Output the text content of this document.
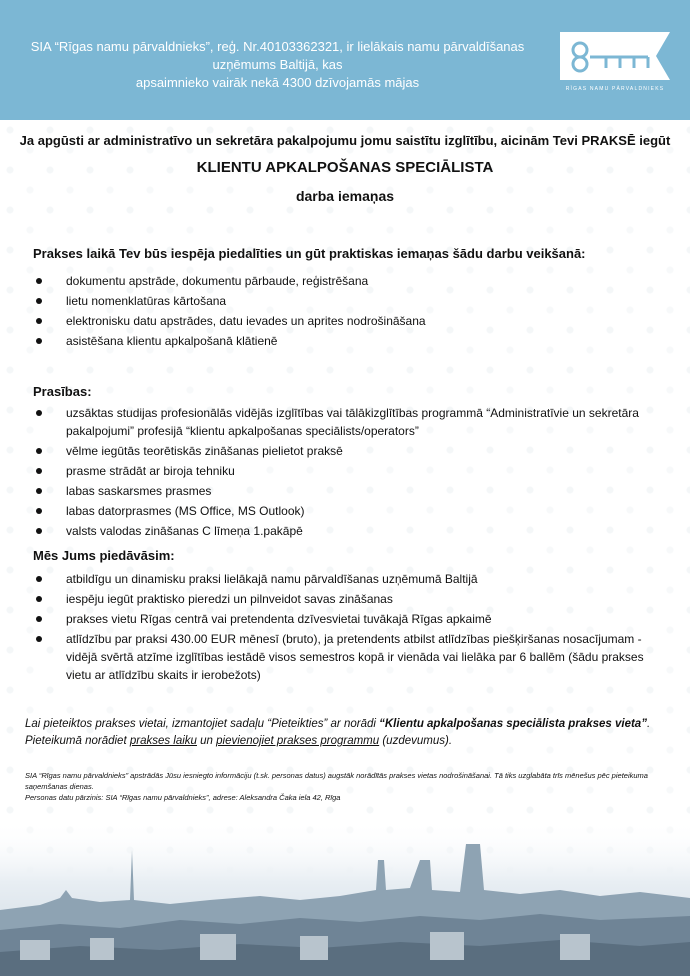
SIA “Rīgas namu pārvaldnieks”, reģ. Nr.40103362321, ir lielākais namu pārvaldīšanas uzņēmums Baltijā, kas
apsaimnieko vairāk nekā 4300 dzīvojamās mājas	RĪGAS NAMU PĀRVALDNIEKS

Ja apgūsti ar administratīvo un sekretāra pakalpojumu jomu saistītu izglītību, aicinām Tevi PRAKSĒ iegūt

KLIENTU APKALPOŠANAS SPECIĀLISTA
darba iemaņas

Prakses laikā Tev būs iespēja piedalīties un gūt praktiskas iemaņas šādu darbu veikšanā:

dokumentu apstrāde, dokumentu pārbaude, reģistrēšana
lietu nomenklatūras kārtošana
elektronisku datu apstrādes, datu ievades un aprites nodrošināšana
asistēšana klientu apkalpošanā klātienē

Prasības:

uzsāktas studijas profesionālās vidējās izglītības vai tālākizglītības programmā “Administratīvie un sekretāra pakalpojumi” profesijā “klientu apkalpošanas speciālists/operators”
vēlme iegūtās teorētiskās zināšanas pielietot praksē
prasme strādāt ar biroja tehniku
labas saskarsmes prasmes
labas datorprasmes (MS Office, MS Outlook)
valsts valodas zināšanas C līmeņa 1.pakāpē

Mēs Jums piedāvāsim:

atbildīgu un dinamisku praksi lielākajā namu pārvaldīšanas uzņēmumā Baltijā
iespēju iegūt praktisko pieredzi un pilnveidot savas zināšanas
prakses vietu Rīgas centrā vai pretendenta dzīvesvietai tuvākajā Rīgas apkaimē
atlīdzību par praksi 430.00 EUR mēnesī (bruto), ja pretendents atbilst atlīdzības piešķiršanas nosacījumam - vidējā svērtā atzīme izglītības iestādē visos semestros kopā ir vienāda vai lielāka par 6 ballēm (šādu prakses vietu ar atlīdzību skaits ir ierobežots)
Lai pieteiktos prakses vietai, izmantojiet sadaļu “Pieteikties” ar norādi “Klientu apkalpošanas speciālista prakses vieta”. Pieteikumā norādiet prakses laiku un pievienojiet prakses programmu (uzdevumus).
SIA “Rīgas namu pārvaldnieks” apstrādās Jūsu iesniegto informāciju (t.sk. personas datus) augstāk norādītās prakses vietas nodrošināšanai. Tā tiks uzglabāta trīs mēnešus pēc pieteikuma saņemšanas dienas.
Personas datu pārzinis: SIA “Rīgas namu pārvaldnieks”, adrese: Aleksandra Čaka iela 42, Rīga
